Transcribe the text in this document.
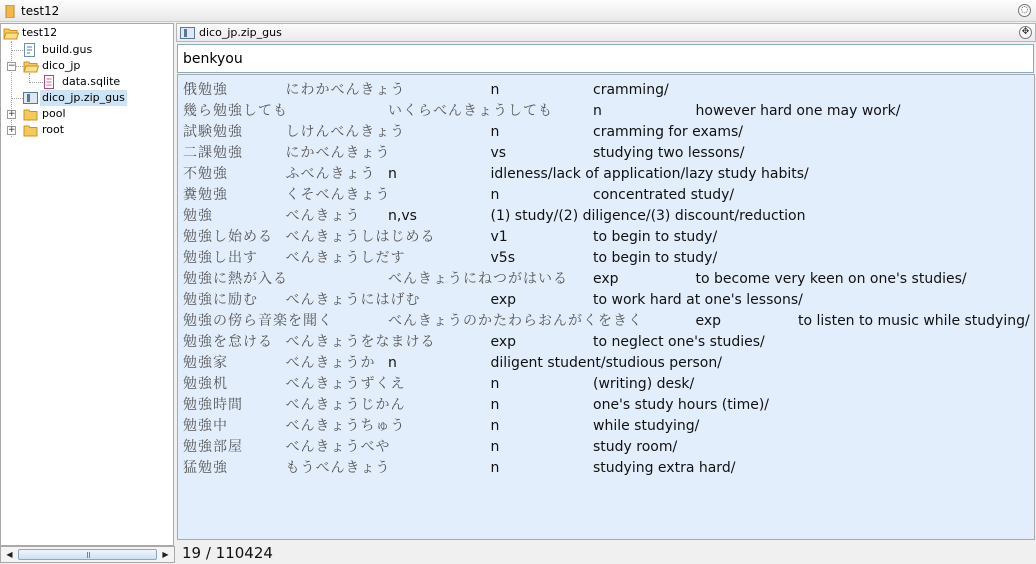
test12	◌
test12
build.gus
− dico_jp
data.sqlite
dico_jp.zip_gus
+ pool
+ root
◀	▶
dico_jp.zip_gus	✥
benkyou
俄勉強	にわかべんきょう	n	cramming/
幾ら勉強しても	いくらべんきょうしても	n	however hard one may work/
試験勉強	しけんべんきょう	n	cramming for exams/
二課勉強	にかべんきょう	vs	studying two lessons/
不勉強	ふべんきょう n	idleness/lack of application/lazy study habits/
糞勉強	くそべんきょう	n	concentrated study/
勉強	べんきょう n,vs	(1) study/(2) diligence/(3) discount/reduction
勉強し始める べんきょうしはじめる	v1	to begin to study/
勉強し出す べんきょうしだす	v5s	to begin to study/
勉強に熱が入る	べんきょうにねつがはいる exp	to become very keen on one's studies/
勉強に励む べんきょうにはげむ	exp	to work hard at one's lessons/
勉強の傍ら音楽を聞く	べんきょうのかたわらおんがくをきく	exp	to listen to music while studying/
勉強を怠ける べんきょうをなまける	exp	to neglect one's studies/
勉強家	べんきょうか n	diligent student/studious person/
勉強机	べんきょうずくえ	n	(writing) desk/
勉強時間	べんきょうじかん	n	one's study hours (time)/
勉強中	べんきょうちゅう	n	while studying/
勉強部屋	べんきょうべや	n	study room/
猛勉強	もうべんきょう	n	studying extra hard/
19 / 110424
